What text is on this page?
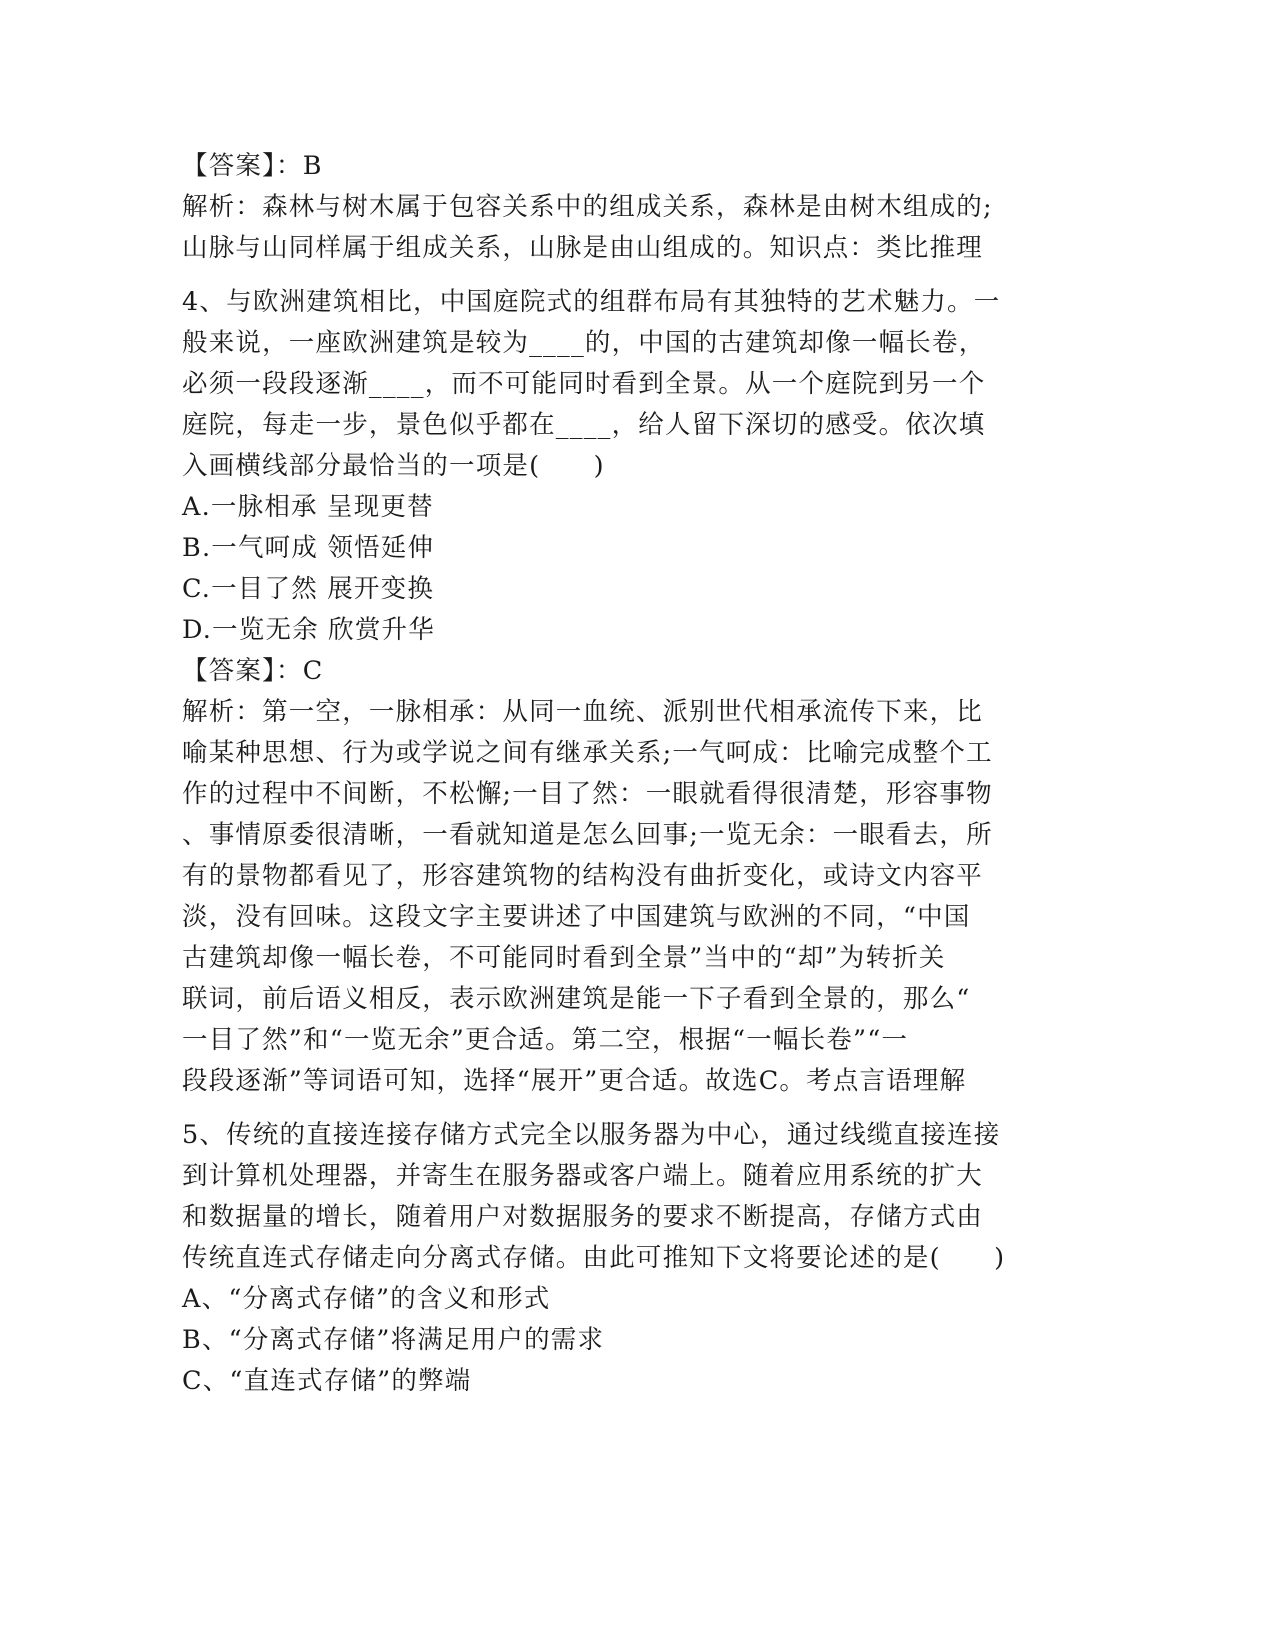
【答案】：B
解析：森林与树木属于包容关系中的组成关系，森林是由树木组成的;
山脉与山同样属于组成关系，山脉是由山组成的。知识点：类比推理
4、与欧洲建筑相比，中国庭院式的组群布局有其独特的艺术魅力。一
般来说，一座欧洲建筑是较为____的，中国的古建筑却像一幅长卷，
必须一段段逐渐____，而不可能同时看到全景。从一个庭院到另一个
庭院，每走一步，景色似乎都在____，给人留下深切的感受。依次填
入画横线部分最恰当的一项是(　　)
A.一脉相承 呈现更替
B.一气呵成 领悟延伸
C.一目了然 展开变换
D.一览无余 欣赏升华
【答案】：C
解析：第一空，一脉相承：从同一血统、派别世代相承流传下来，比
喻某种思想、行为或学说之间有继承关系;一气呵成：比喻完成整个工
作的过程中不间断，不松懈;一目了然：一眼就看得很清楚，形容事物
、事情原委很清晰，一看就知道是怎么回事;一览无余：一眼看去，所
有的景物都看见了，形容建筑物的结构没有曲折变化，或诗文内容平
淡，没有回味。这段文字主要讲述了中国建筑与欧洲的不同，“中国
古建筑却像一幅长卷，不可能同时看到全景”当中的“却”为转折关
联词，前后语义相反，表示欧洲建筑是能一下子看到全景的，那么“
一目了然”和“一览无余”更合适。第二空，根据“一幅长卷”“一
段段逐渐”等词语可知，选择“展开”更合适。故选C。考点言语理解
5、传统的直接连接存储方式完全以服务器为中心，通过线缆直接连接
到计算机处理器，并寄生在服务器或客户端上。随着应用系统的扩大
和数据量的增长，随着用户对数据服务的要求不断提高，存储方式由
传统直连式存储走向分离式存储。由此可推知下文将要论述的是(　　)
A、“分离式存储”的含义和形式
B、“分离式存储”将满足用户的需求
C、“直连式存储”的弊端
